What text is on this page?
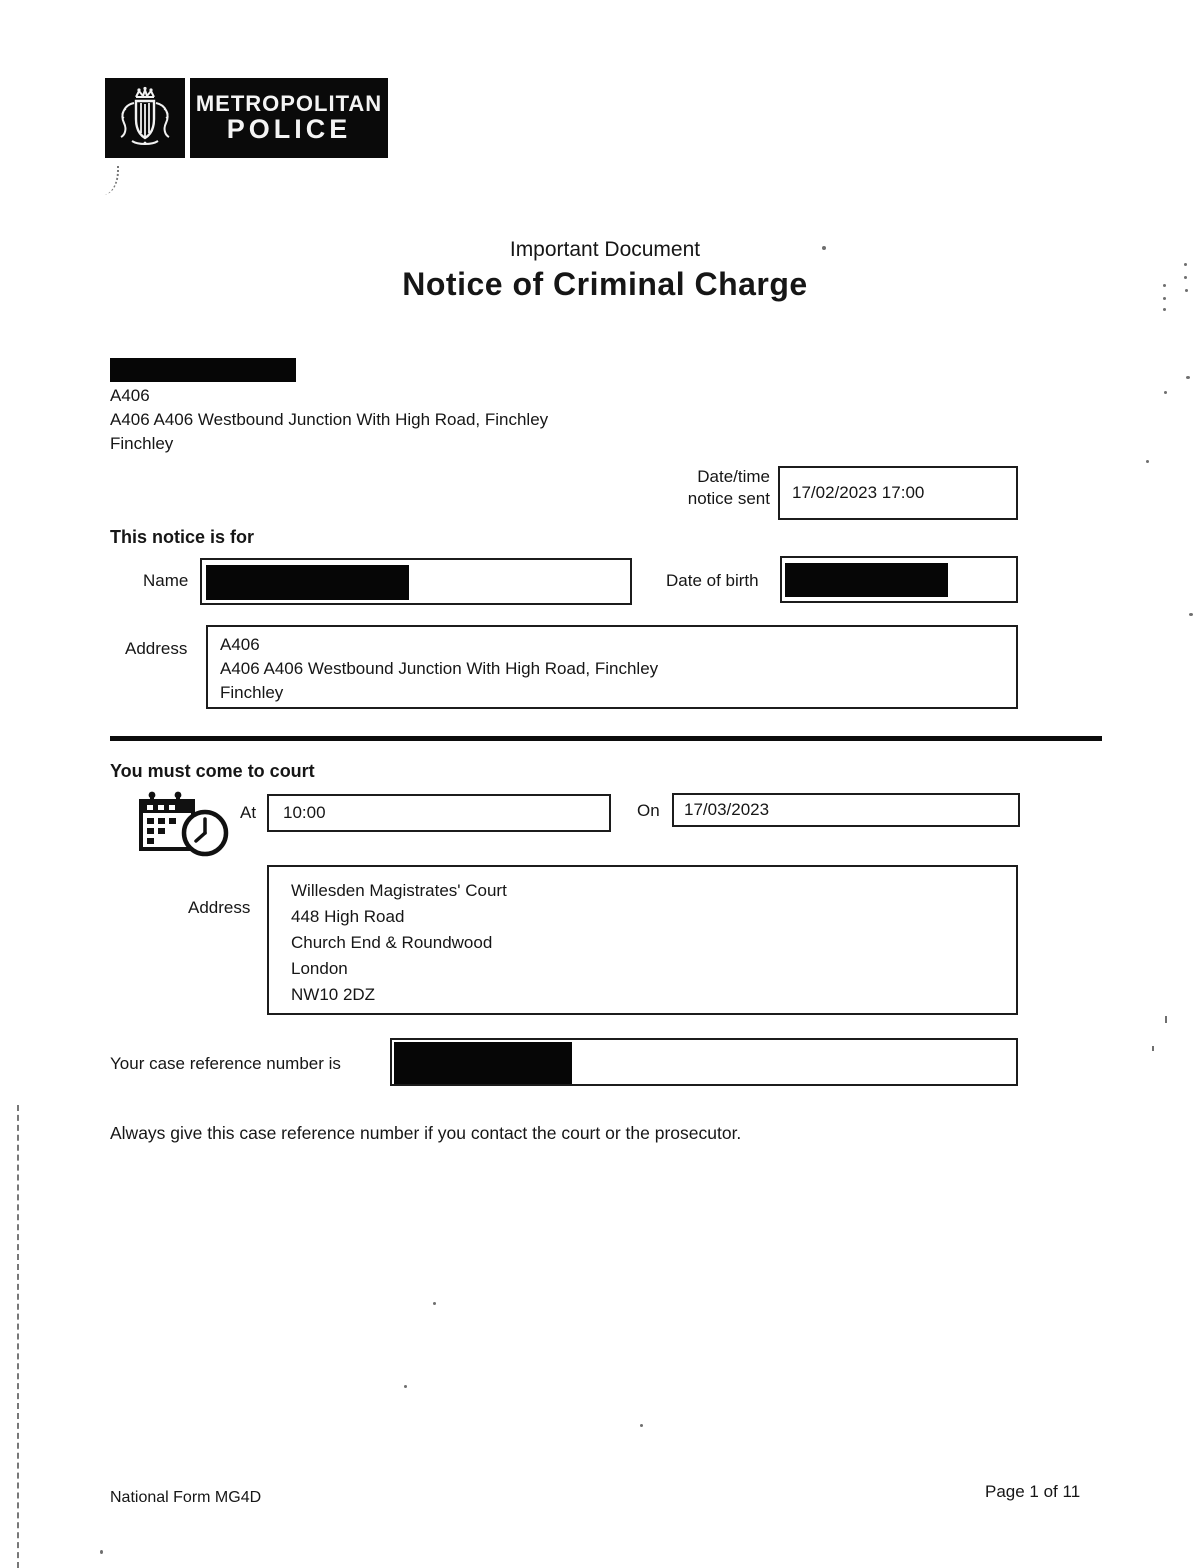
METROPOLITAN
POLICE
Important Document
Notice of Criminal Charge
A406
A406 A406 Westbound Junction With High Road, Finchley
Finchley
Date/time
notice sent 17/02/2023 17:00
This notice is for
Name	Date of birth
Address A406
A406 A406 Westbound Junction With High Road, Finchley
Finchley
You must come to court
At 10:00	On 17/03/2023
Address
Willesden Magistrates' Court
448 High Road
Church End & Roundwood
London
NW10 2DZ
Your case reference number is
Always give this case reference number if you contact the court or the prosecutor.
National Form MG4D	Page 1 of 11
